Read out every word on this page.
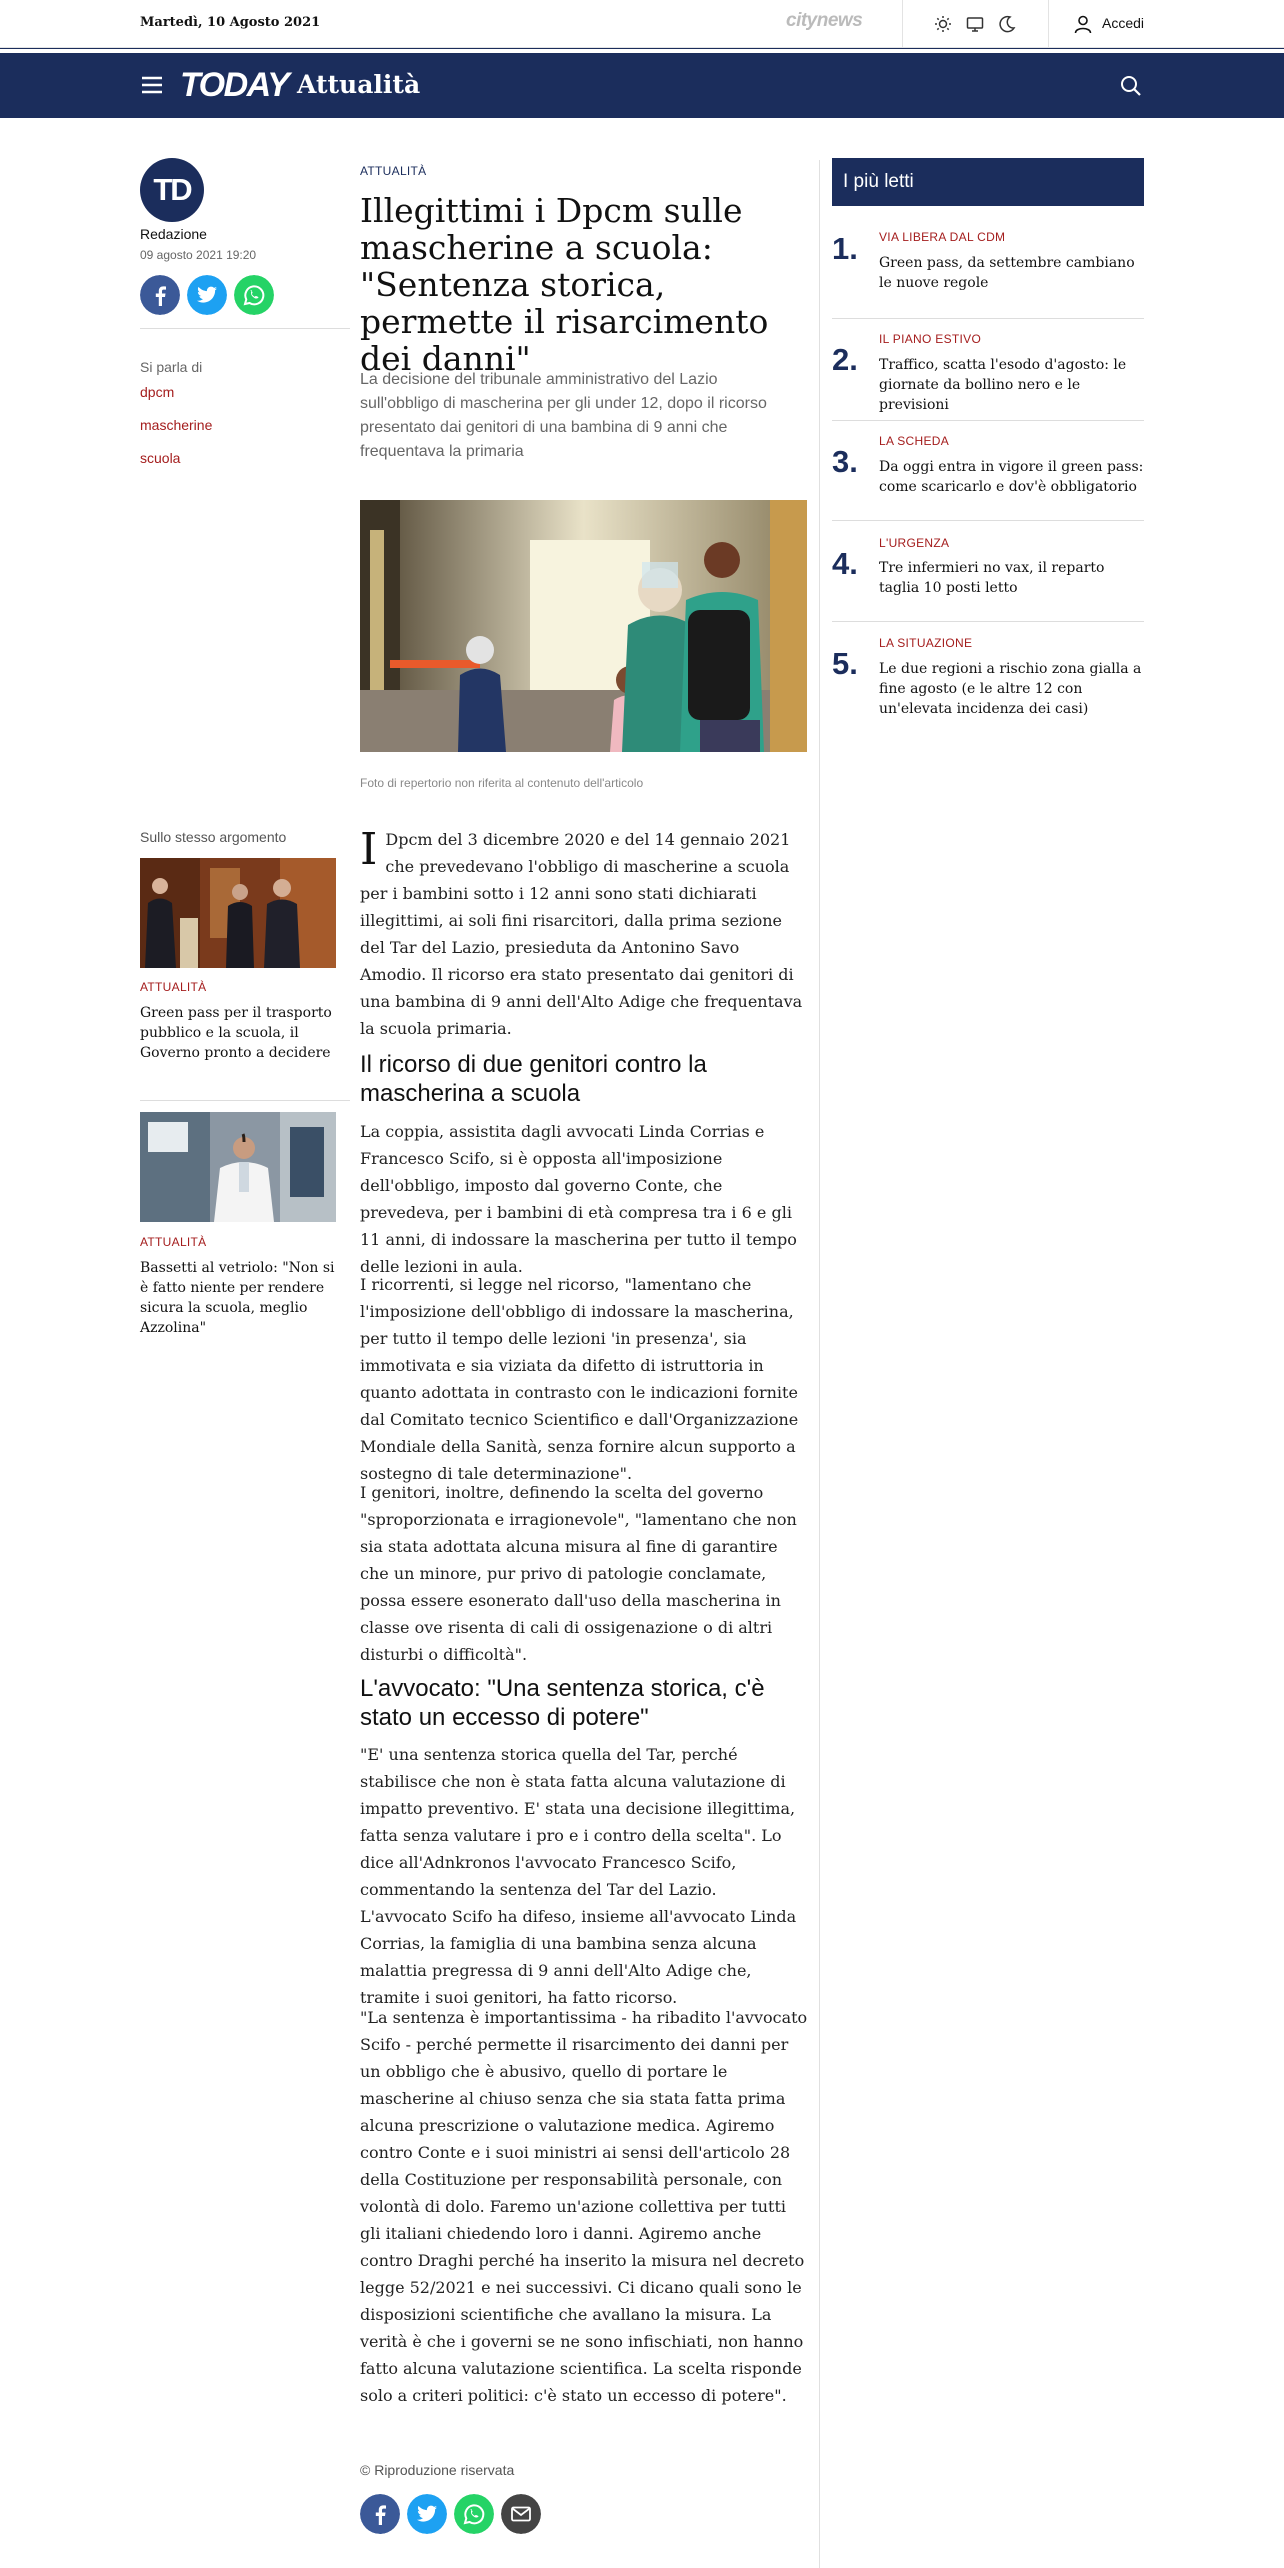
Martedì, 10 Agosto 2021	citynews	Accedi
TODAY Attualità
TD
Redazione
09 agosto 2021 19:20
Si parla di
dpcm
mascherine
scuola
Sullo stesso argomento
ATTUALITÀ
Green pass per il trasporto pubblico e la scuola, il Governo pronto a decidere
ATTUALITÀ
Bassetti al vetriolo: "Non si è fatto niente per rendere sicura la scuola, meglio Azzolina"
ATTUALITÀ
Illegittimi i Dpcm sulle mascherine a scuola: "Sentenza storica, permette il risarcimento dei danni"
La decisione del tribunale amministrativo del Lazio sull'obbligo di mascherina per gli under 12, dopo il ricorso presentato dai genitori di una bambina di 9 anni che frequentava la primaria
Foto di repertorio non riferita al contenuto dell'articolo
I Dpcm del 3 dicembre 2020 e del 14 gennaio 2021 che prevedevano l'obbligo di mascherine a scuola per i bambini sotto i 12 anni sono stati dichiarati illegittimi, ai soli fini risarcitori, dalla prima sezione del Tar del Lazio, presieduta da Antonino Savo Amodio. Il ricorso era stato presentato dai genitori di una bambina di 9 anni dell'Alto Adige che frequentava la scuola primaria.
Il ricorso di due genitori contro la mascherina a scuola

La coppia, assistita dagli avvocati Linda Corrias e Francesco Scifo, si è opposta all'imposizione dell'obbligo, imposto dal governo Conte, che prevedeva, per i bambini di età compresa tra i 6 e gli 11 anni, di indossare la mascherina per tutto il tempo delle lezioni in aula.

I ricorrenti, si legge nel ricorso, "lamentano che l'imposizione dell'obbligo di indossare la mascherina, per tutto il tempo delle lezioni 'in presenza', sia immotivata e sia viziata da difetto di istruttoria in quanto adottata in contrasto con le indicazioni fornite dal Comitato tecnico Scientifico e dall'Organizzazione Mondiale della Sanità, senza fornire alcun supporto a sostegno di tale determinazione".

I genitori, inoltre, definendo la scelta del governo "sproporzionata e irragionevole", "lamentano che non sia stata adottata alcuna misura al fine di garantire che un minore, pur privo di patologie conclamate, possa essere esonerato dall'uso della mascherina in classe ove risenta di cali di ossigenazione o di altri disturbi o difficoltà".

L'avvocato: "Una sentenza storica, c'è stato un eccesso di potere"

"E' una sentenza storica quella del Tar, perché stabilisce che non è stata fatta alcuna valutazione di impatto preventivo. E' stata una decisione illegittima, fatta senza valutare i pro e i contro della scelta". Lo dice all'Adnkronos l'avvocato Francesco Scifo, commentando la sentenza del Tar del Lazio. L'avvocato Scifo ha difeso, insieme all'avvocato Linda Corrias, la famiglia di una bambina senza alcuna malattia pregressa di 9 anni dell'Alto Adige che, tramite i suoi genitori, ha fatto ricorso.

"La sentenza è importantissima - ha ribadito l'avvocato Scifo - perché permette il risarcimento dei danni per un obbligo che è abusivo, quello di portare le mascherine al chiuso senza che sia stata fatta prima alcuna prescrizione o valutazione medica. Agiremo contro Conte e i suoi ministri ai sensi dell'articolo 28 della Costituzione per responsabilità personale, con volontà di dolo. Faremo un'azione collettiva per tutti gli italiani chiedendo loro i danni. Agiremo anche contro Draghi perché ha inserito la misura nel decreto legge 52/2021 e nei successivi. Ci dicano quali sono le disposizioni scientifiche che avallano la misura. La verità è che i governi se ne sono infischiati, non hanno fatto alcuna valutazione scientifica. La scelta risponde solo a criteri politici: c'è stato un eccesso di potere".

© Riproduzione riservata
I più letti
1. VIA LIBERA DAL CDM
Green pass, da settembre cambiano le nuove regole
2.
IL PIANO ESTIVO
Traffico, scatta l'esodo d'agosto: le giornate da bollino nero e le previsioni
3.
LA SCHEDA
Da oggi entra in vigore il green pass: come scaricarlo e dov'è obbligatorio
4.
L'URGENZA
Tre infermieri no vax, il reparto taglia 10 posti letto
5.
LA SITUAZIONE
Le due regioni a rischio zona gialla a fine agosto (e le altre 12 con un'elevata incidenza dei casi)
